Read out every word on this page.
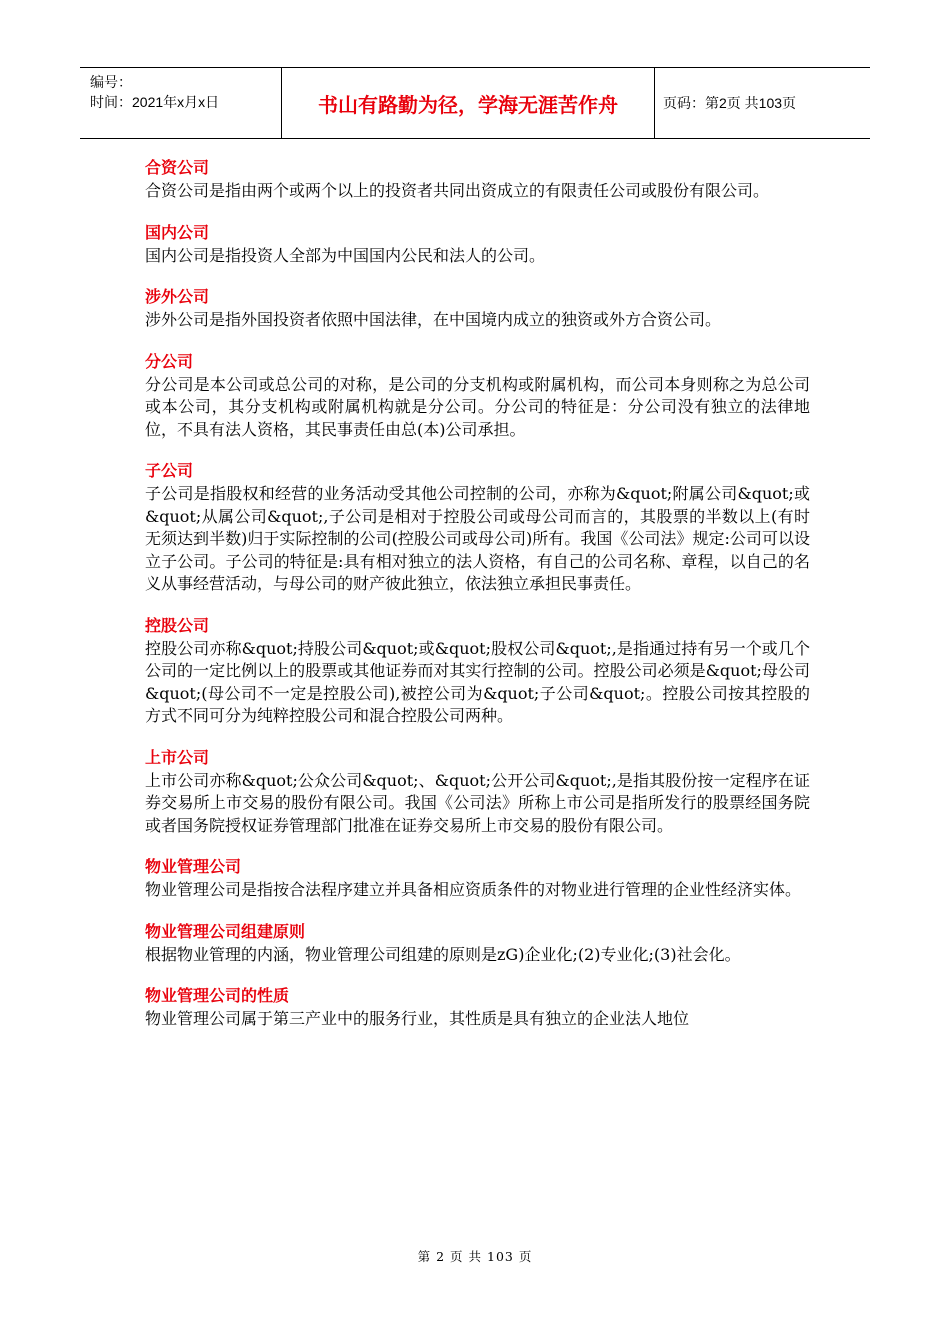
编号：
时间：2021年x月x日	书山有路勤为径，学海无涯苦作舟	页码：第2页 共103页
合资公司
合资公司是指由两个或两个以上的投资者共同出资成立的有限责任公司或股份有限公司。
国内公司
国内公司是指投资人全部为中国国内公民和法人的公司。
涉外公司
涉外公司是指外国投资者依照中国法律，在中国境内成立的独资或外方合资公司。
分公司
分公司是本公司或总公司的对称，是公司的分支机构或附属机构，而公司本身则称之为总公司或本公司，其分支机构或附属机构就是分公司。分公司的特征是：分公司没有独立的法律地位，不具有法人资格，其民事责任由总(本)公司承担。
子公司
子公司是指股权和经营的业务活动受其他公司控制的公司，亦称为&quot;附属公司&quot;或&quot;从属公司&quot;,子公司是相对于控股公司或母公司而言的，其股票的半数以上(有时无须达到半数)归于实际控制的公司(控股公司或母公司)所有。我国《公司法》规定:公司可以设立子公司。子公司的特征是:具有相对独立的法人资格，有自己的公司名称、章程，以自己的名义从事经营活动，与母公司的财产彼此独立，依法独立承担民事责任。
控股公司
控股公司亦称&quot;持股公司&quot;或&quot;股权公司&quot;,是指通过持有另一个或几个公司的一定比例以上的股票或其他证券而对其实行控制的公司。控股公司必须是&quot;母公司&quot;(母公司不一定是控股公司),被控公司为&quot;子公司&quot;。控股公司按其控股的方式不同可分为纯粹控股公司和混合控股公司两种。
上市公司
上市公司亦称&quot;公众公司&quot;、&quot;公开公司&quot;,是指其股份按一定程序在证券交易所上市交易的股份有限公司。我国《公司法》所称上市公司是指所发行的股票经国务院或者国务院授权证券管理部门批准在证券交易所上市交易的股份有限公司。
物业管理公司
物业管理公司是指按合法程序建立并具备相应资质条件的对物业进行管理的企业性经济实体。
物业管理公司组建原则
根据物业管理的内涵，物业管理公司组建的原则是zG)企业化;(2)专业化;(3)社会化。
物业管理公司的性质
物业管理公司属于第三产业中的服务行业，其性质是具有独立的企业法人地位
第 2 页 共 103 页
